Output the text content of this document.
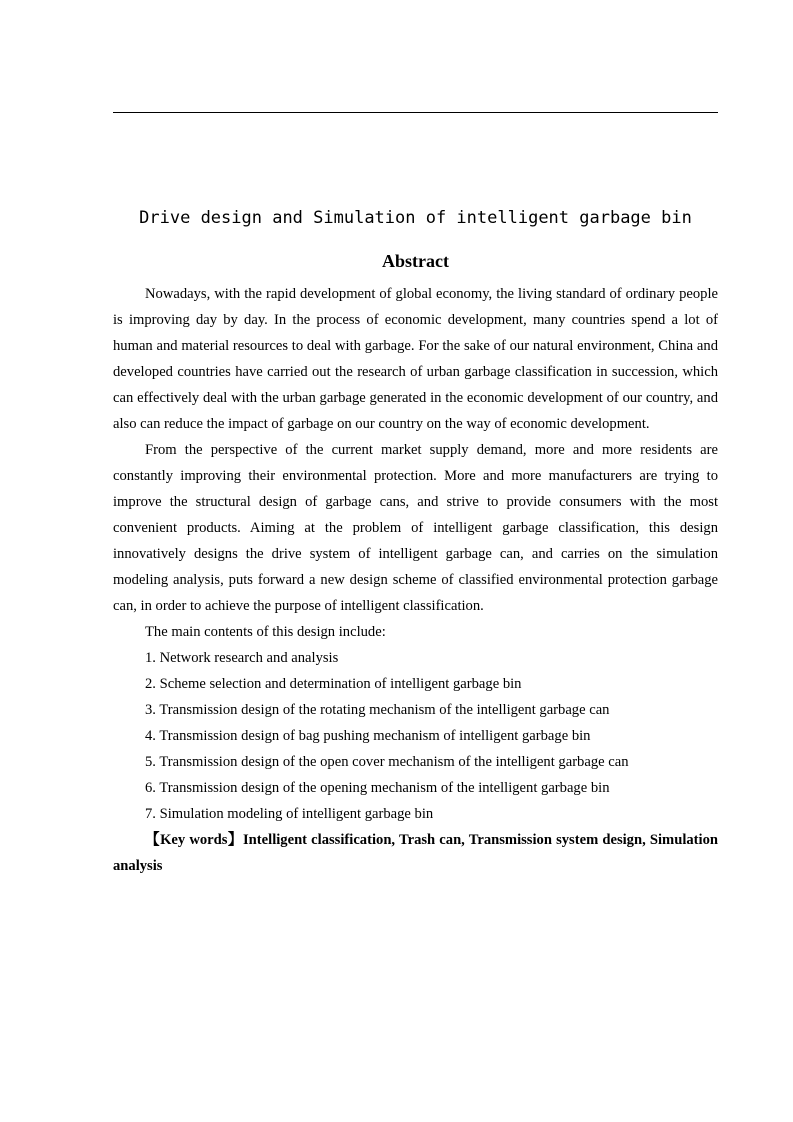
Drive design and Simulation of intelligent garbage bin
Abstract

Nowadays, with the rapid development of global economy, the living standard of ordinary people is improving day by day. In the process of economic development, many countries spend a lot of human and material resources to deal with garbage. For the sake of our natural environment, China and developed countries have carried out the research of urban garbage classification in succession, which can effectively deal with the urban garbage generated in the economic development of our country, and also can reduce the impact of garbage on our country on the way of economic development.

From the perspective of the current market supply demand, more and more residents are constantly improving their environmental protection. More and more manufacturers are trying to improve the structural design of garbage cans, and strive to provide consumers with the most convenient products. Aiming at the problem of intelligent garbage classification, this design innovatively designs the drive system of intelligent garbage can, and carries on the simulation modeling analysis, puts forward a new design scheme of classified environmental protection garbage can, in order to achieve the purpose of intelligent classification.

The main contents of this design include:

1. Network research and analysis

2. Scheme selection and determination of intelligent garbage bin

3. Transmission design of the rotating mechanism of the intelligent garbage can

4. Transmission design of bag pushing mechanism of intelligent garbage bin

5. Transmission design of the open cover mechanism of the intelligent garbage can

6. Transmission design of the opening mechanism of the intelligent garbage bin

7. Simulation modeling of intelligent garbage bin

【Key words】Intelligent classification, Trash can, Transmission system design, Simulation analysis
